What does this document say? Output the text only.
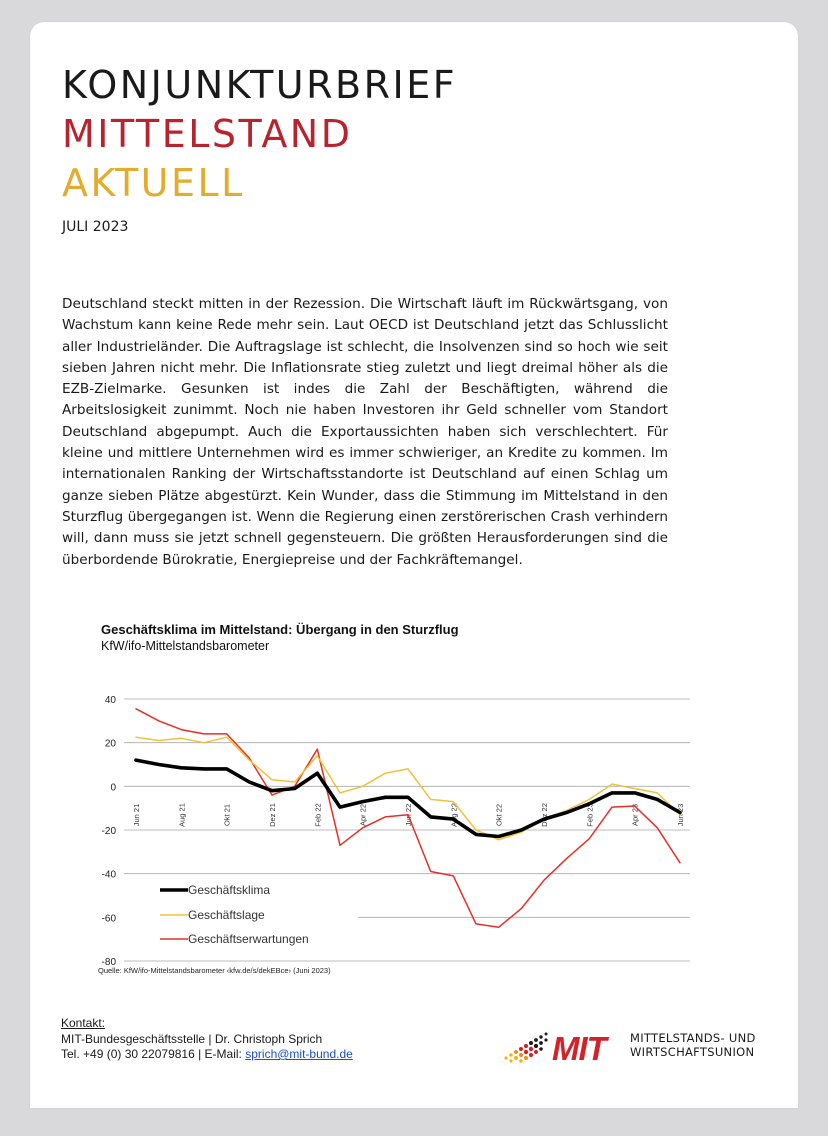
KONJUNKTURBRIEF
MITTELSTAND
AKTUELL
JULI 2023

Deutschland steckt mitten in der Rezession. Die Wirtschaft läuft im Rückwärtsgang, von Wachstum kann keine Rede mehr sein. Laut OECD ist Deutschland jetzt das Schlusslicht aller Industrieländer. Die Auftragslage ist schlecht, die Insolvenzen sind so hoch wie seit sieben Jahren nicht mehr. Die Inflationsrate stieg zuletzt und liegt dreimal höher als die EZB-Zielmarke. Gesunken ist indes die Zahl der Beschäftigten, während die Arbeitslosigkeit zunimmt. Noch nie haben Investoren ihr Geld schneller vom Standort Deutschland abgepumpt. Auch die Exportaussichten haben sich verschlechtert. Für kleine und mittlere Unternehmen wird es immer schwieriger, an Kredite zu kommen. Im internationalen Ranking der Wirtschaftsstandorte ist Deutschland auf einen Schlag um ganze sieben Plätze abgestürzt. Kein Wunder, dass die Stimmung im Mittelstand in den Sturzflug übergegangen ist. Wenn die Regierung einen zerstörerischen Crash verhindern will, dann muss sie jetzt schnell gegensteuern. Die größten Herausforderungen sind die überbordende Bürokratie, Energiepreise und der Fachkräftemangel.

Geschäftsklima im Mittelstand: Übergang in den Sturzflug
KfW/ifo-Mittelstandsbarometer
40
20
0
-20
-40
-60
-80
Jun 21	Aug 21	Okt 21	Dez 21	Feb 22	Apr 22	Jun 22	Aug 22	Okt 22	Dez 22	Feb 23	Apr 23	Jun 23
Geschäftsklima
Geschäftslage
Geschäftserwartungen
Quelle: KfW/ifo-Mittelstandsbarometer ‹kfw.de/s/dekEBce› (Juni 2023)
Kontakt:
MIT-Bundesgeschäftsstelle | Dr. Christoph Sprich
Tel. +49 (0) 30 22079816 | E-Mail: sprich@mit-bund.de	MIT	MITTELSTANDS- UND
WIRTSCHAFTSUNION
